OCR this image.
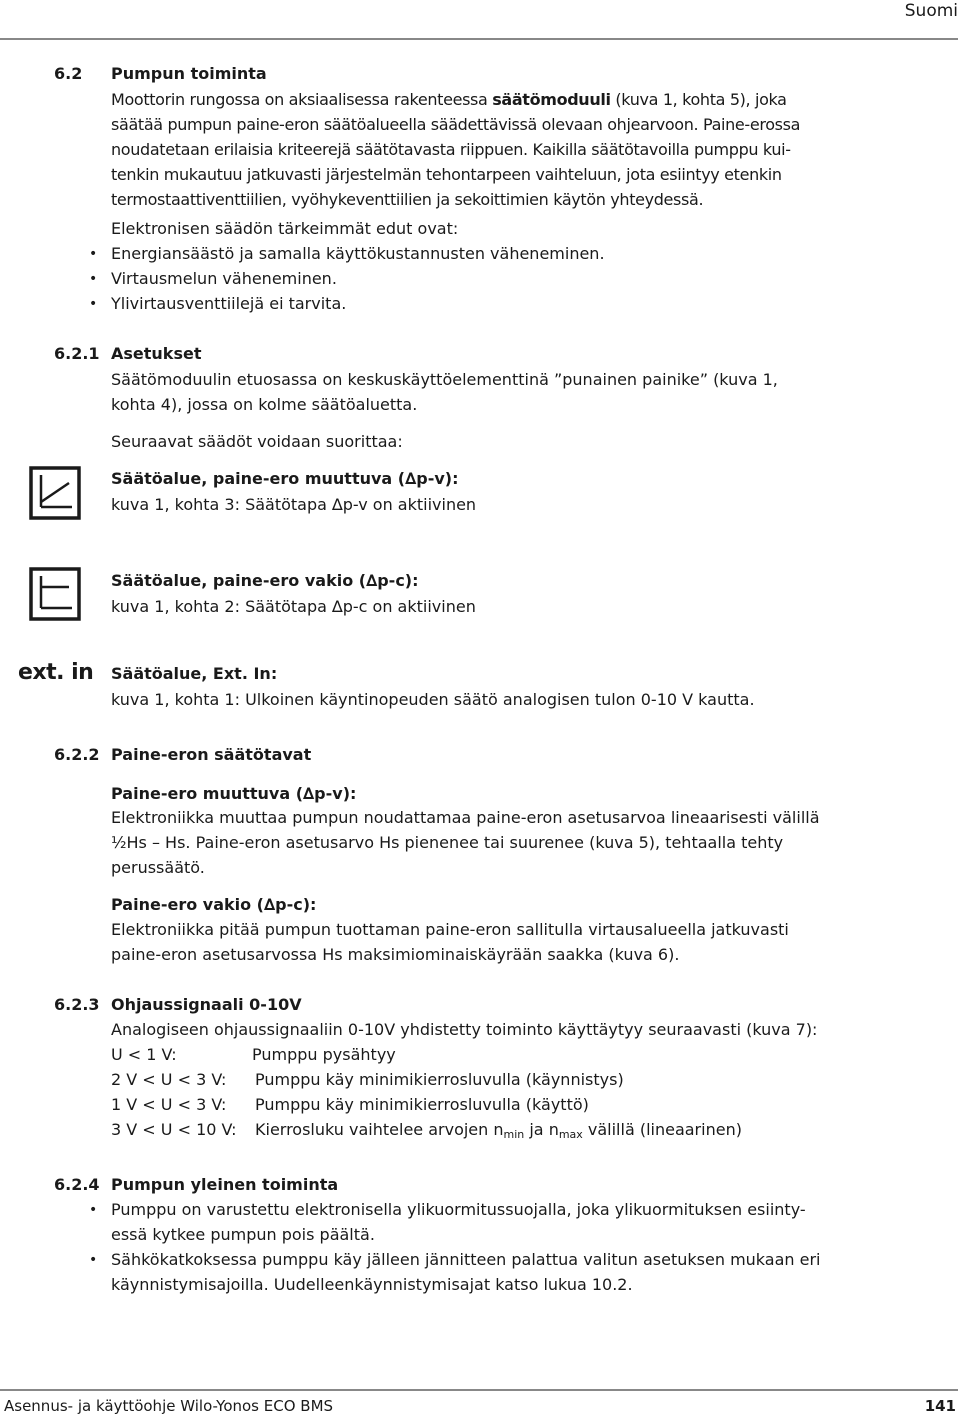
Suomi
6.2 Pumpun toiminta
Moottorin rungossa on aksiaalisessa rakenteessa säätömoduuli (kuva 1, kohta 5), joka
säätää pumpun paine-eron säätöalueella säädettävissä olevaan ohjearvoon. Paine-erossa
noudatetaan erilaisia kriteerejä säätötavasta riippuen. Kaikilla säätötavoilla pumppu kui-
tenkin mukautuu jatkuvasti järjestelmän tehontarpeen vaihteluun, jota esiintyy etenkin
termostaattiventtiilien, vyöhykeventtiilien ja sekoittimien käytön yhteydessä.
Elektronisen säädön tärkeimmät edut ovat:
• Energiansäästö ja samalla käyttökustannusten väheneminen.
• Virtausmelun väheneminen.
• Ylivirtausventtiilejä ei tarvita.
6.2.1 Asetukset
Säätömoduulin etuosassa on keskuskäyttöelementtinä ”punainen painike” (kuva 1,
kohta 4), jossa on kolme säätöaluetta.
Seuraavat säädöt voidaan suorittaa:
Säätöalue, paine-ero muuttuva (∆p-v):
kuva 1, kohta 3: Säätötapa ∆p-v on aktiivinen
Säätöalue, paine-ero vakio (∆p-c):
kuva 1, kohta 2: Säätötapa ∆p-c on aktiivinen
ext. in Säätöalue, Ext. In:
kuva 1, kohta 1: Ulkoinen käyntinopeuden säätö analogisen tulon 0-10 V kautta.
6.2.2 Paine-eron säätötavat
Paine-ero muuttuva (∆p-v):
Elektroniikka muuttaa pumpun noudattamaa paine-eron asetusarvoa lineaarisesti välillä
½Hs – Hs. Paine-eron asetusarvo Hs pienenee tai suurenee (kuva 5), tehtaalla tehty
perussäätö.
Paine-ero vakio (∆p-c):
Elektroniikka pitää pumpun tuottaman paine-eron sallitulla virtausalueella jatkuvasti
paine-eron asetusarvossa Hs maksimiominaiskäyrään saakka (kuva 6).
6.2.3 Ohjaussignaali 0-10V
Analogiseen ohjaussignaaliin 0-10V yhdistetty toiminto käyttäytyy seuraavasti (kuva 7):
U < 1 V:	Pumppu pysähtyy
2 V < U < 3 V: Pumppu käy minimikierrosluvulla (käynnistys)
1 V < U < 3 V: Pumppu käy minimikierrosluvulla (käyttö)
3 V < U < 10 V: Kierrosluku vaihtelee arvojen $n_{min}$ ja $n_{max}$ välillä (lineaarinen)
6.2.4 Pumpun yleinen toiminta
• Pumppu on varustettu elektronisella ylikuormitussuojalla, joka ylikuormituksen esiinty-
essä kytkee pumpun pois päältä.
• Sähkökatkoksessa pumppu käy jälleen jännitteen palattua valitun asetuksen mukaan eri
käynnistymisajoilla. Uudelleenkäynnistymisajat katso lukua 10.2.
Asennus- ja käyttöohje Wilo-Yonos ECO BMS	141
